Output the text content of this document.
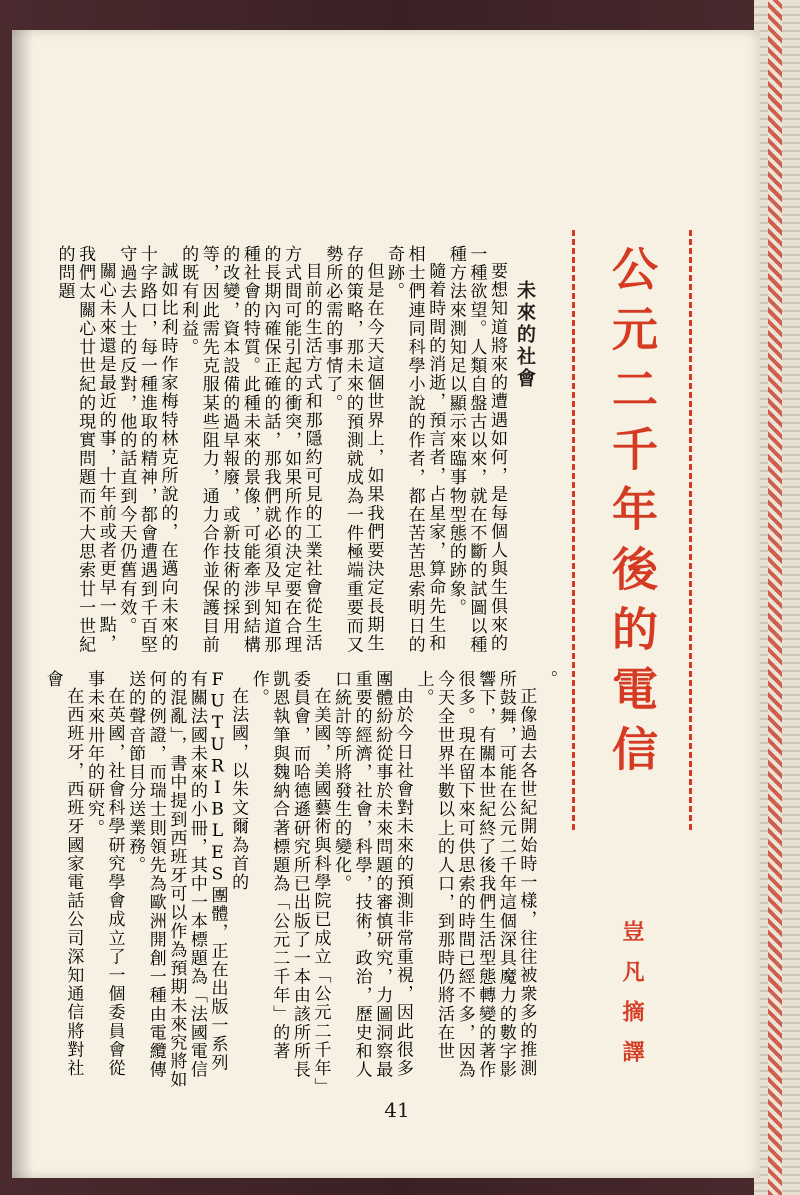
公元二千年後的電信
豈凡摘譯
未來的社會

要想知道將來的遭遇如何，是每個人與生俱來的一種欲望。人類自盤古以來，就在不斷的試圖以種種方法來測知足以顯示來臨事物型態的跡象。

隨着時間的消逝，預言者，占星家，算命先生和相士們連同科學小說的作者，都在苦苦思索明日的奇跡。

但是在今天這個世界上，如果我們要決定長期生存的策略，那未來的預測就成為一件極端重要而又勢所必需的事情了。

目前的生活方式和那隱約可見的工業社會從生活方式間可能引起的衝突，如果所作的決定要在合理的長期內確保正確的話，那我們就必須及早知道那種社會的特質。此種未來的景像，可能牽涉到結構的改變，資本設備的過早報廢，或新技術的採用等，因此需先克服某些阻力，通力合作並保護目前的既有利益。

誠如比利時作家梅特林克所說的，在邁向未來的十字路口，每一種進取的精神，都會遭遇到千百堅守過去人士的反對，他的話直到今天仍舊有效。

關心未來還是最近的事，十年前或者更早一點，我們太關心廿世紀的現實問題而不大思索廿一世紀的問題

。

正像過去各世紀開始時一樣，往往被衆多的推測所鼓舞，可能在公元二千年這個深具魔力的數字影響下，有關本世紀終了後我們生活型態轉變的著作很多。現在留下來可供思索的時間已經不多，因為今天全世界半數以上的人口，到那時仍將活在世上。

由於今日社會對未來的預測非常重視，因此很多團體紛紛從事於未來問題的審慎研究，力圖洞察最重要的經濟，社會，科學，技術，政治，歷史和人口統計等所將發生的變化。

在美國，美國藝術與科學院已成立「公元二千年」委員會，而哈德遜研究所已出版了一本由該所所長凱恩執筆與魏納合著標題為「公元二千年」的著作。

在法國，以朱文爾為首的FUTURIBLES團體，正在出版一系列有關法國未來的小冊，其中一本標題為「法國電信的混亂」，書中提到西班牙可以作為預期未來究將如何的例證，而瑞士則領先為歐洲開創一種由電纜傳送的聲音節目分送業務。

在英國，社會科學研究學會成立了一個委員會從事未來卅年的研究。

在西班牙，西班牙國家電話公司深知通信將對社會

41
